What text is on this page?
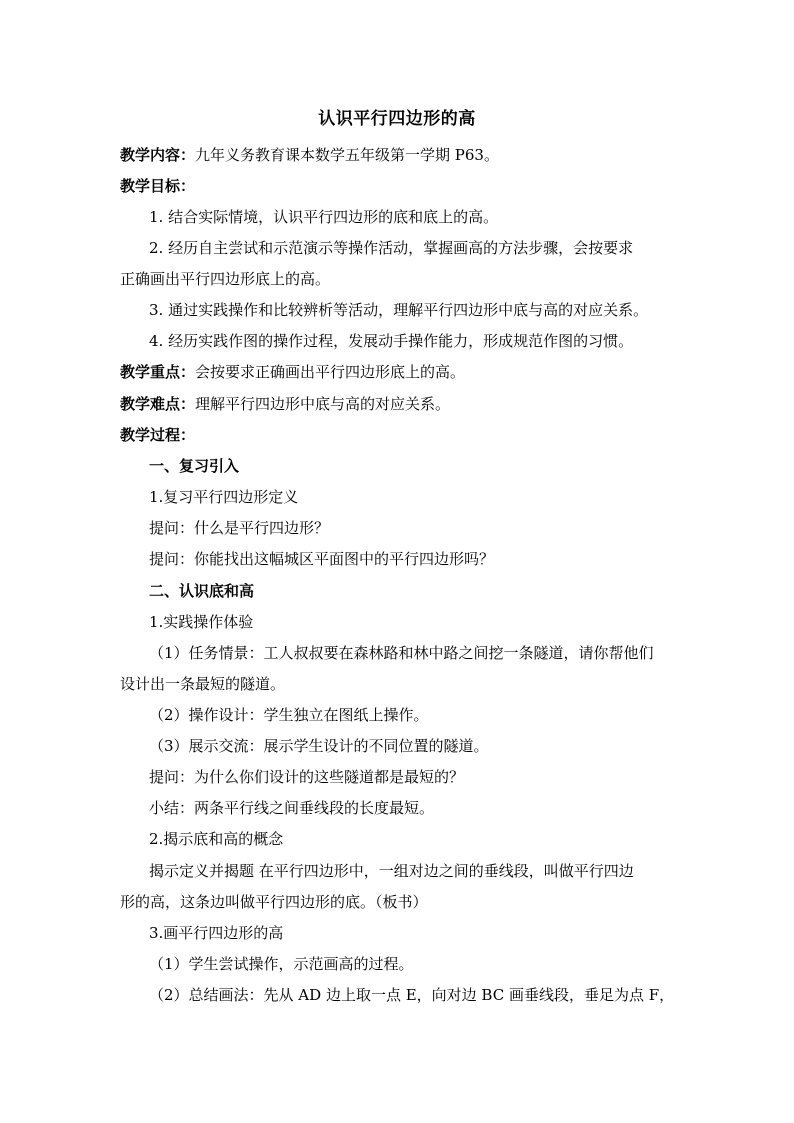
认识平行四边形的高
教学内容：九年义务教育课本数学五年级第一学期 P63。
教学目标：
1. 结合实际情境，认识平行四边形的底和底上的高。
2. 经历自主尝试和示范演示等操作活动，掌握画高的方法步骤，会按要求
正确画出平行四边形底上的高。
3. 通过实践操作和比较辨析等活动，理解平行四边形中底与高的对应关系。
4. 经历实践作图的操作过程，发展动手操作能力，形成规范作图的习惯。
教学重点：会按要求正确画出平行四边形底上的高。
教学难点：理解平行四边形中底与高的对应关系。
教学过程：
一、复习引入
1.复习平行四边形定义
提问：什么是平行四边形？
提问：你能找出这幅城区平面图中的平行四边形吗？
二、认识底和高
1.实践操作体验
（1）任务情景：工人叔叔要在森林路和林中路之间挖一条隧道，请你帮他们
设计出一条最短的隧道。
（2）操作设计：学生独立在图纸上操作。
（3）展示交流：展示学生设计的不同位置的隧道。
提问：为什么你们设计的这些隧道都是最短的？
小结：两条平行线之间垂线段的长度最短。
2.揭示底和高的概念
揭示定义并揭题 在平行四边形中，一组对边之间的垂线段，叫做平行四边
形的高，这条边叫做平行四边形的底。（板书）
3.画平行四边形的高
（1）学生尝试操作，示范画高的过程。
（2）总结画法：先从 AD 边上取一点 E，向对边 BC 画垂线段，垂足为点 F，
